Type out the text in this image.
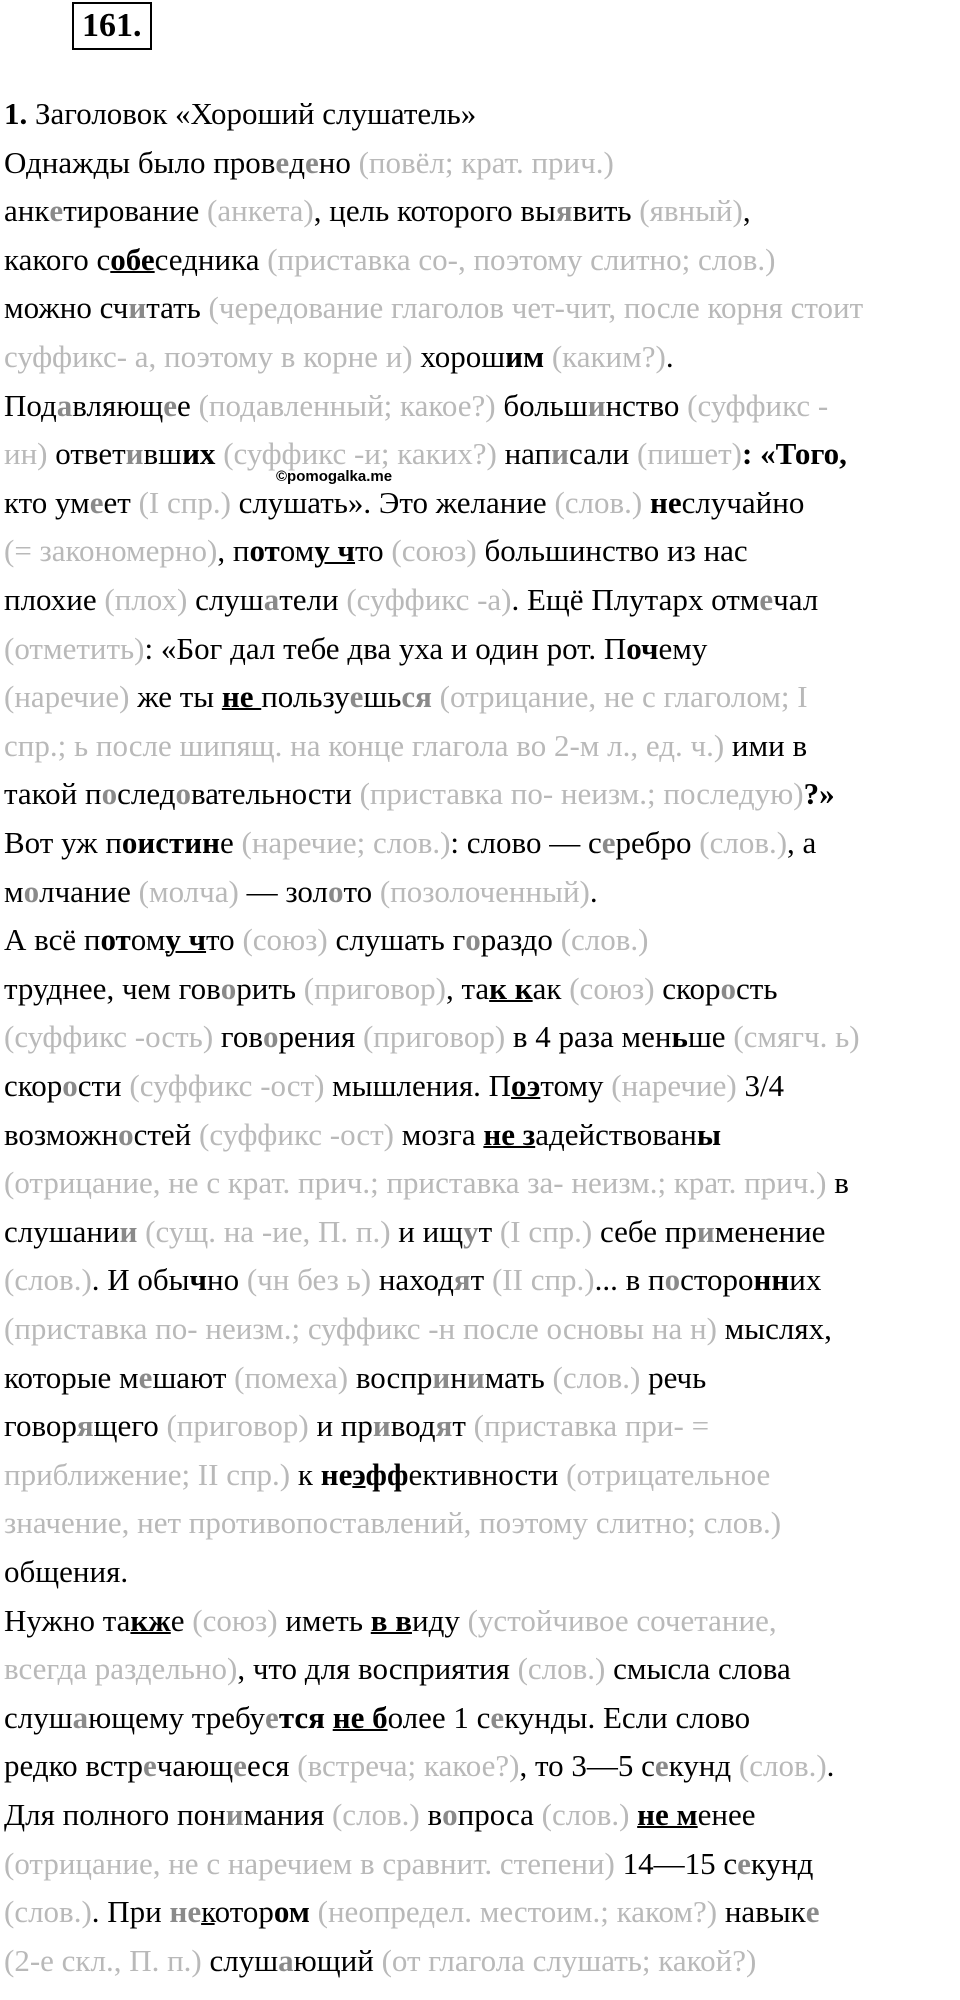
161.
1. Заголовок «Хороший слушатель»
Однажды было проведено (повёл; крат. прич.)
анкетирование (анкета), цель которого выявить (явный),
какого собеседника (приставка со-, поэтому слитно; слов.)
можно считать (чередование глаголов чет-чит, после корня стоит
суффикс- а, поэтому в корне и) хорошим (каким?).
Подавляющее (подавленный; какое?) большинство (суффикс -
ин) ответивших (суффикс -и; каких?) написали (пишет): «Того,
кто умеет (I спр.) слушать». Это желание (слов.) неслучайно
(= закономерно), потому что (союз) большинство из нас
плохие (плох) слушатели (суффикс -а). Ещё Плутарх отмечал
(отметить): «Бог дал тебе два уха и один рот. Почему
(наречие) же ты не пользуешься (отрицание, не с глаголом; I
спр.; ь после шипящ. на конце глагола во 2-м л., ед. ч.) ими в
такой последовательности (приставка по- неизм.; последую)?»
Вот уж поистине (наречие; слов.): слово — серебро (слов.), а
молчание (молча) — золото (позолоченный).
А всё потому что (союз) слушать гораздо (слов.)
труднее, чем говорить (приговор), так как (союз) скорость
(суффикс -ость) говорения (приговор) в 4 раза меньше (смягч. ь)
скорости (суффикс -ост) мышления. Поэтому (наречие) 3/4
возможностей (суффикс -ост) мозга не задействованы
(отрицание, не с крат. прич.; приставка за- неизм.; крат. прич.) в
слушании (сущ. на -ие, П. п.) и ищут (I спр.) себе применение
(слов.). И обычно (чн без ь) находят (II спр.)... в посторонних
(приставка по- неизм.; суффикс -н после основы на н) мыслях,
которые мешают (помеха) воспринимать (слов.) речь
говорящего (приговор) и приводят (приставка при- =
приближение; II спр.) к неэффективности (отрицательное
значение, нет противопоставлений, поэтому слитно; слов.)
общения.
Нужно также (союз) иметь в виду (устойчивое сочетание,
всегда раздельно), что для восприятия (слов.) смысла слова
слушающему требуется не более 1 секунды. Если слово
редко встречающееся (встреча; какое?), то 3—5 секунд (слов.).
Для полного понимания (слов.) вопроса (слов.) не менее
(отрицание, не с наречием в сравнит. степени) 14—15 секунд
(слов.). При некотором (неопредел. местоим.; каком?) навыке
(2-е скл., П. п.) слушающий (от глагола слушать; какой?)
©pomogalka.me
